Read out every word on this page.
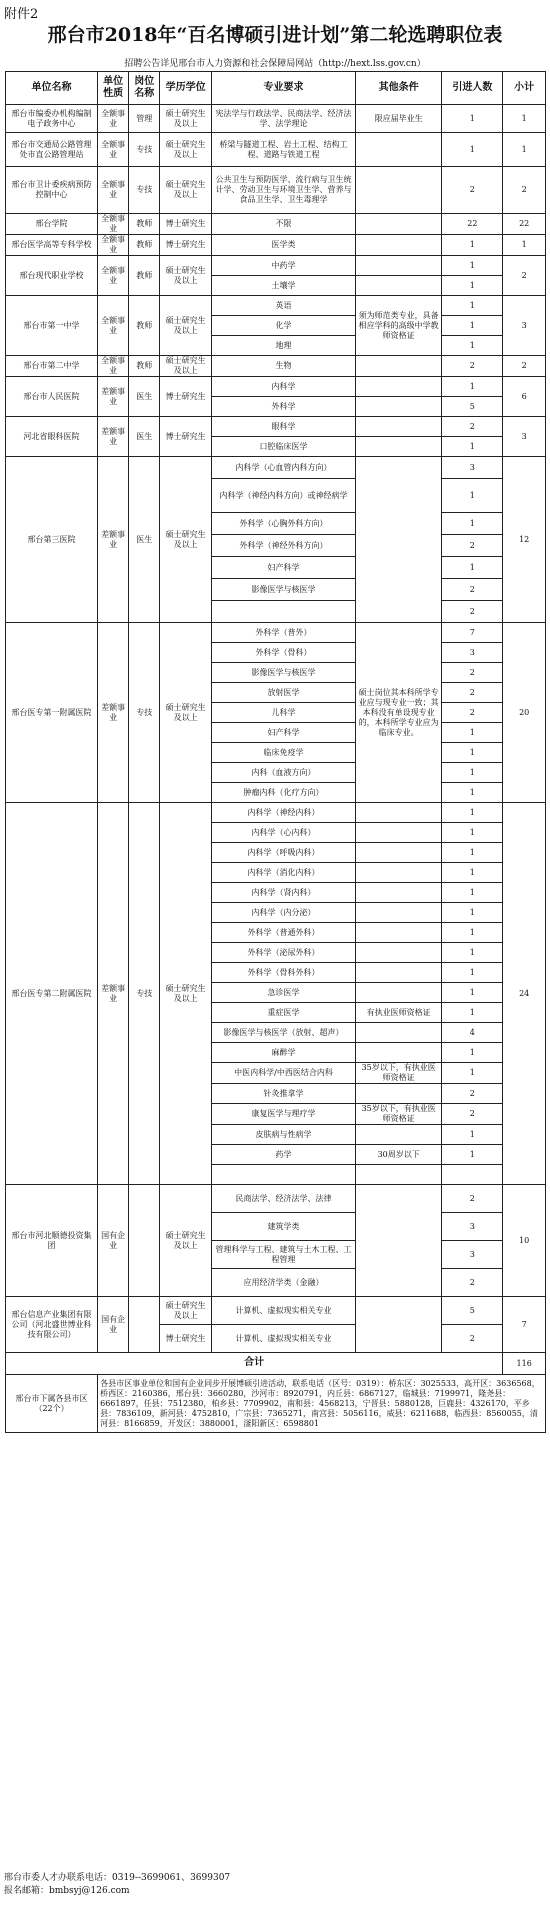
附件2
邢台市2018年“百名博硕引进计划”第二轮选聘职位表
招聘公告详见邢台市人力资源和社会保障局网站（http://hext.lss.gov.cn）
单位名称	单位性质	岗位名称	学历学位	专业要求	其他条件	引进人数	小计
邢台市编委办机构编制电子政务中心	全额事业	管理	硕士研究生及以上	宪法学与行政法学、民商法学、经济法学、法学理论	限应届毕业生	1	1
邢台市交通局公路管理处市直公路管理站	全额事业	专技	硕士研究生及以上	桥梁与隧道工程、岩土工程、结构工程、道路与铁道工程		1	1
邢台市卫计委疾病预防控制中心	全额事业	专技	硕士研究生及以上	公共卫生与预防医学、流行病与卫生统计学、劳动卫生与环境卫生学、营养与食品卫生学、卫生毒理学		2	2
邢台学院	全额事业	教师	博士研究生	不限		22	22
邢台医学高等专科学校	全额事业	教师	博士研究生	医学类		1	1
邢台现代职业学校	全额事业	教师	硕士研究生及以上	中药学		1	2
				土壤学		1	
邢台市第一中学	全额事业	教师	硕士研究生及以上	英语	须为师范类专业，具备相应学科的高级中学教师资格证	1	3
				化学		1	
				地理		1	
邢台市第二中学	全额事业	教师	硕士研究生及以上	生物		2	2
邢台市人民医院	差额事业	医生	博士研究生	内科学		1	6
				外科学		5	
河北省眼科医院	差额事业	医生	博士研究生	眼科学		2	3
				口腔临床医学		1	
邢台第三医院	差额事业	医生	硕士研究生及以上	内科学（心血管内科方向）		3	12
				内科学（神经内科方向）或神经病学		1	
				外科学（心胸外科方向）		1	
				外科学（神经外科方向）		2	
				妇产科学		1	
				影像医学与核医学		2	
						2	
邢台医专第一附属医院	差额事业	专技	硕士研究生及以上	外科学（普外）	硕士岗位其本科所学专业应与现专业一致；其本科没有单设现专业的，本科所学专业应为临床专业。	7	20
				外科学（骨科）		3	
				影像医学与核医学		2	
				放射医学		2	
				儿科学		2	
				妇产科学		1	
				临床免疫学		1	
				内科（血液方向）		1	
				肿瘤内科（化疗方向）		1	
邢台医专第二附属医院	差额事业	专技	硕士研究生及以上	内科学（神经内科）		1	24
				内科学（心内科）		1	
				内科学（呼吸内科）		1	
				内科学（消化内科）		1	
				内科学（肾内科）		1	
				内科学（内分泌）		1	
				外科学（普通外科）		1	
				外科学（泌尿外科）		1	
				外科学（骨科外科）		1	
				急诊医学		1	
				重症医学	有执业医师资格证	1	
				影像医学与核医学（放射、超声）		4	
				麻醉学		1	
				中医内科学/中西医结合内科	35岁以下，有执业医师资格证	1	
				针灸推拿学		2	
				康复医学与理疗学	35岁以下，有执业医师资格证	2	
				皮肤病与性病学		1	
				药学	30周岁以下	1	

邢台市河北顺德投资集团	国有企业		硕士研究生及以上	民商法学、经济法学、法律		2	10
				建筑学类		3	
				管理科学与工程、建筑与土木工程、工程管理		3	
				应用经济学类（金融）		2	
邢台信息产业集团有限公司（河北盛世博业科技有限公司）	国有企业		硕士研究生及以上	计算机、虚拟现实相关专业		5	7
			博士研究生	计算机、虚拟现实相关专业		2	
合计							116
邢台市下属各县市区（22个）	各县市区事业单位和国有企业同步开展博硕引进活动，联系电话（区号：0319）：桥东区：3025533，高开区：3636568，桥西区：2160386，邢台县：3660280，沙河市：8920791，内丘县：6867127，临城县：7199971，隆尧县：6661897，任县：7512380，柏乡县：7709902，南和县：4568213，宁晋县：5880128，巨鹿县：4326170，平乡县：7836109，新河县：4752810，广宗县：7365271，南宫县：5056116，威县：6211688，临西县：8560055，清河县：8166859，开发区：3880001，滏阳新区：6598801						
邢台市委人才办联系电话：0319--3699061、3699307
报名邮箱：bmbsyj@126.com
